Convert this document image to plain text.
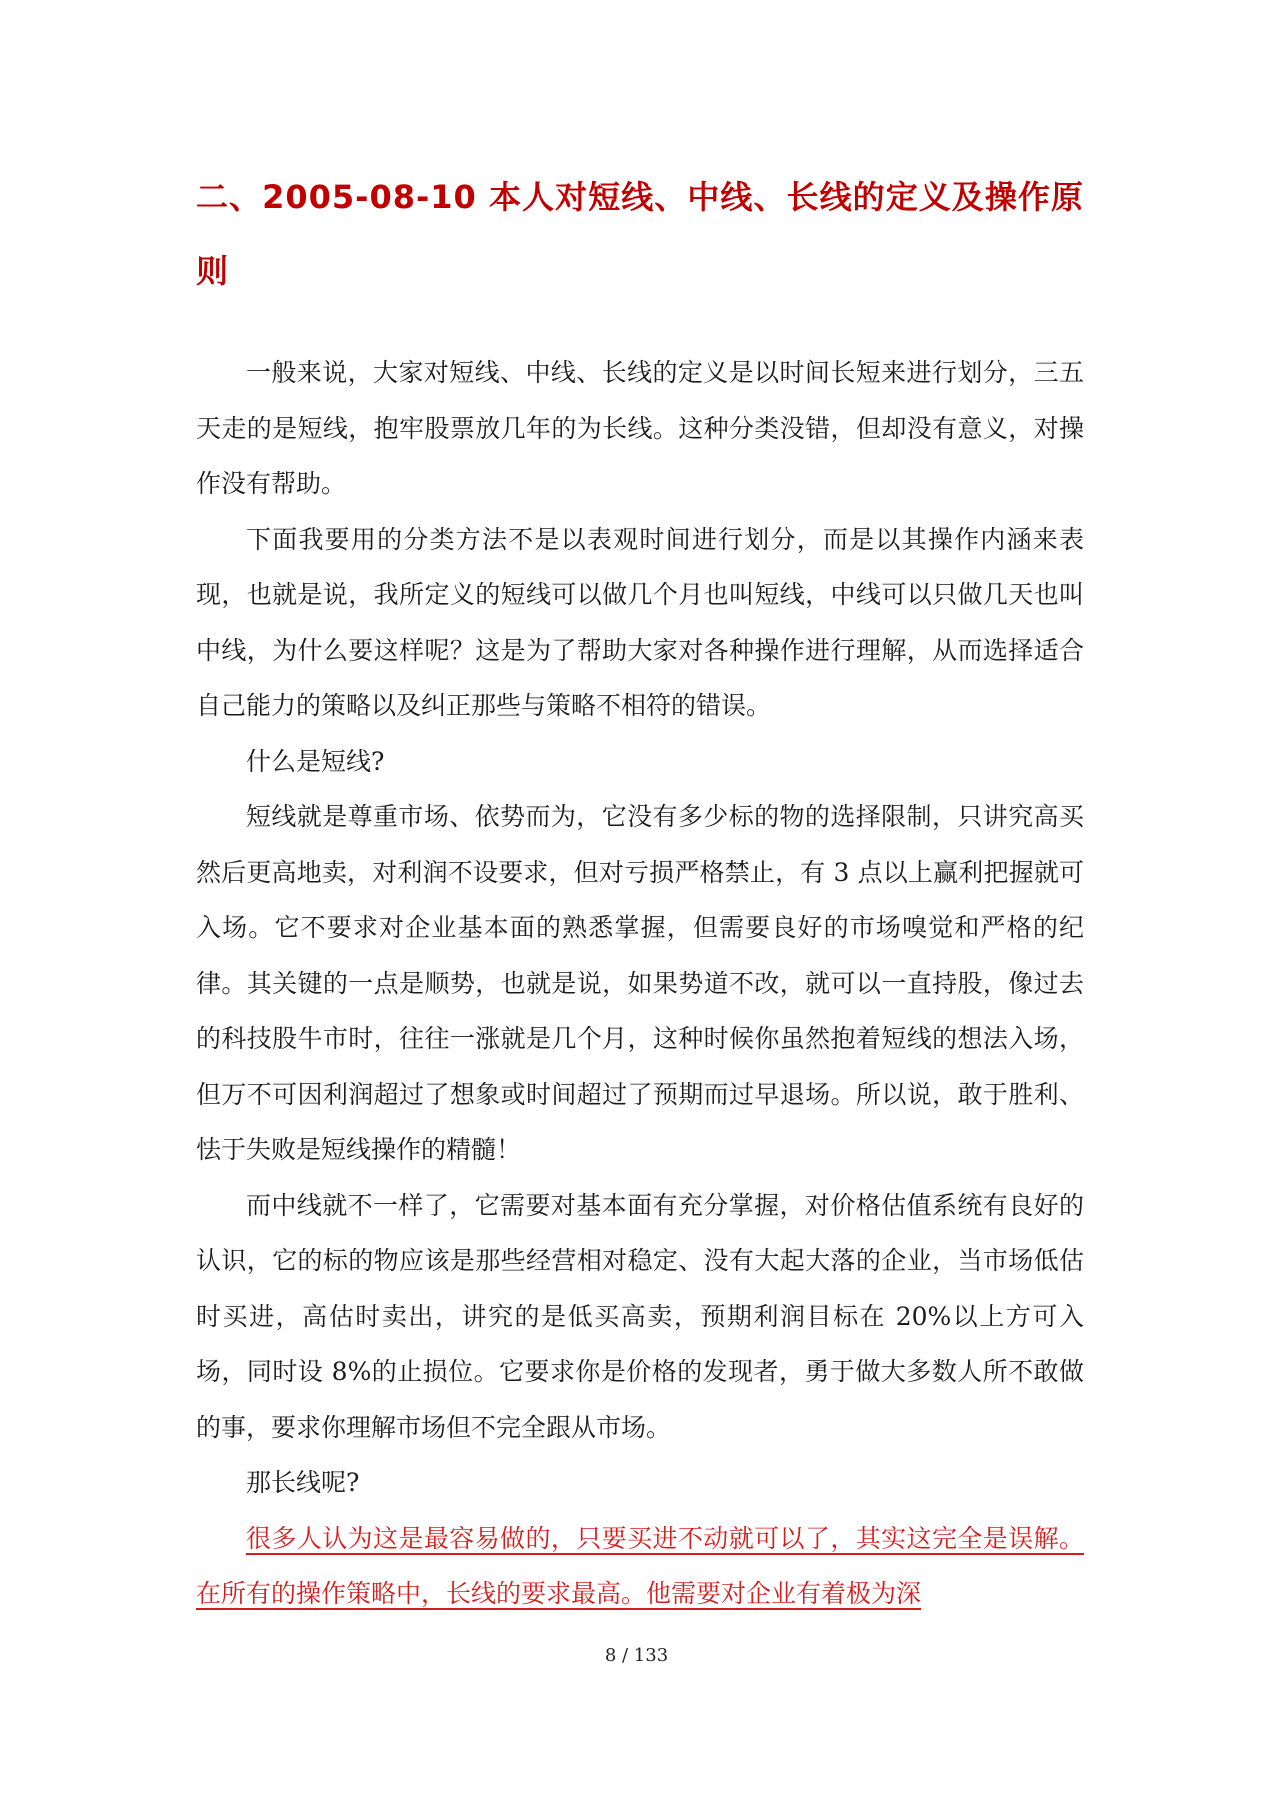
二、2005-08-10 本人对短线、中线、长线的定义及操作原则

一般来说，大家对短线、中线、长线的定义是以时间长短来进行划分，三五天走的是短线，抱牢股票放几年的为长线。这种分类没错，但却没有意义，对操作没有帮助。

下面我要用的分类方法不是以表观时间进行划分，而是以其操作内涵来表现，也就是说，我所定义的短线可以做几个月也叫短线，中线可以只做几天也叫中线，为什么要这样呢？这是为了帮助大家对各种操作进行理解，从而选择适合自己能力的策略以及纠正那些与策略不相符的错误。

什么是短线?

短线就是尊重市场、依势而为，它没有多少标的物的选择限制，只讲究高买然后更高地卖，对利润不设要求，但对亏损严格禁止，有 3 点以上赢利把握就可入场。它不要求对企业基本面的熟悉掌握，但需要良好的市场嗅觉和严格的纪律。其关键的一点是顺势，也就是说，如果势道不改，就可以一直持股，像过去的科技股牛市时，往往一涨就是几个月，这种时候你虽然抱着短线的想法入场，但万不可因利润超过了想象或时间超过了预期而过早退场。所以说，敢于胜利、怯于失败是短线操作的精髓！

而中线就不一样了，它需要对基本面有充分掌握，对价格估值系统有良好的认识，它的标的物应该是那些经营相对稳定、没有大起大落的企业，当市场低估时买进，高估时卖出，讲究的是低买高卖，预期利润目标在 20%以上方可入场，同时设 8%的止损位。它要求你是价格的发现者，勇于做大多数人所不敢做的事，要求你理解市场但不完全跟从市场。

那长线呢?

很多人认为这是最容易做的，只要买进不动就可以了，其实这完全是误解。在所有的操作策略中，长线的要求最高。他需要对企业有着极为深

8 / 133
